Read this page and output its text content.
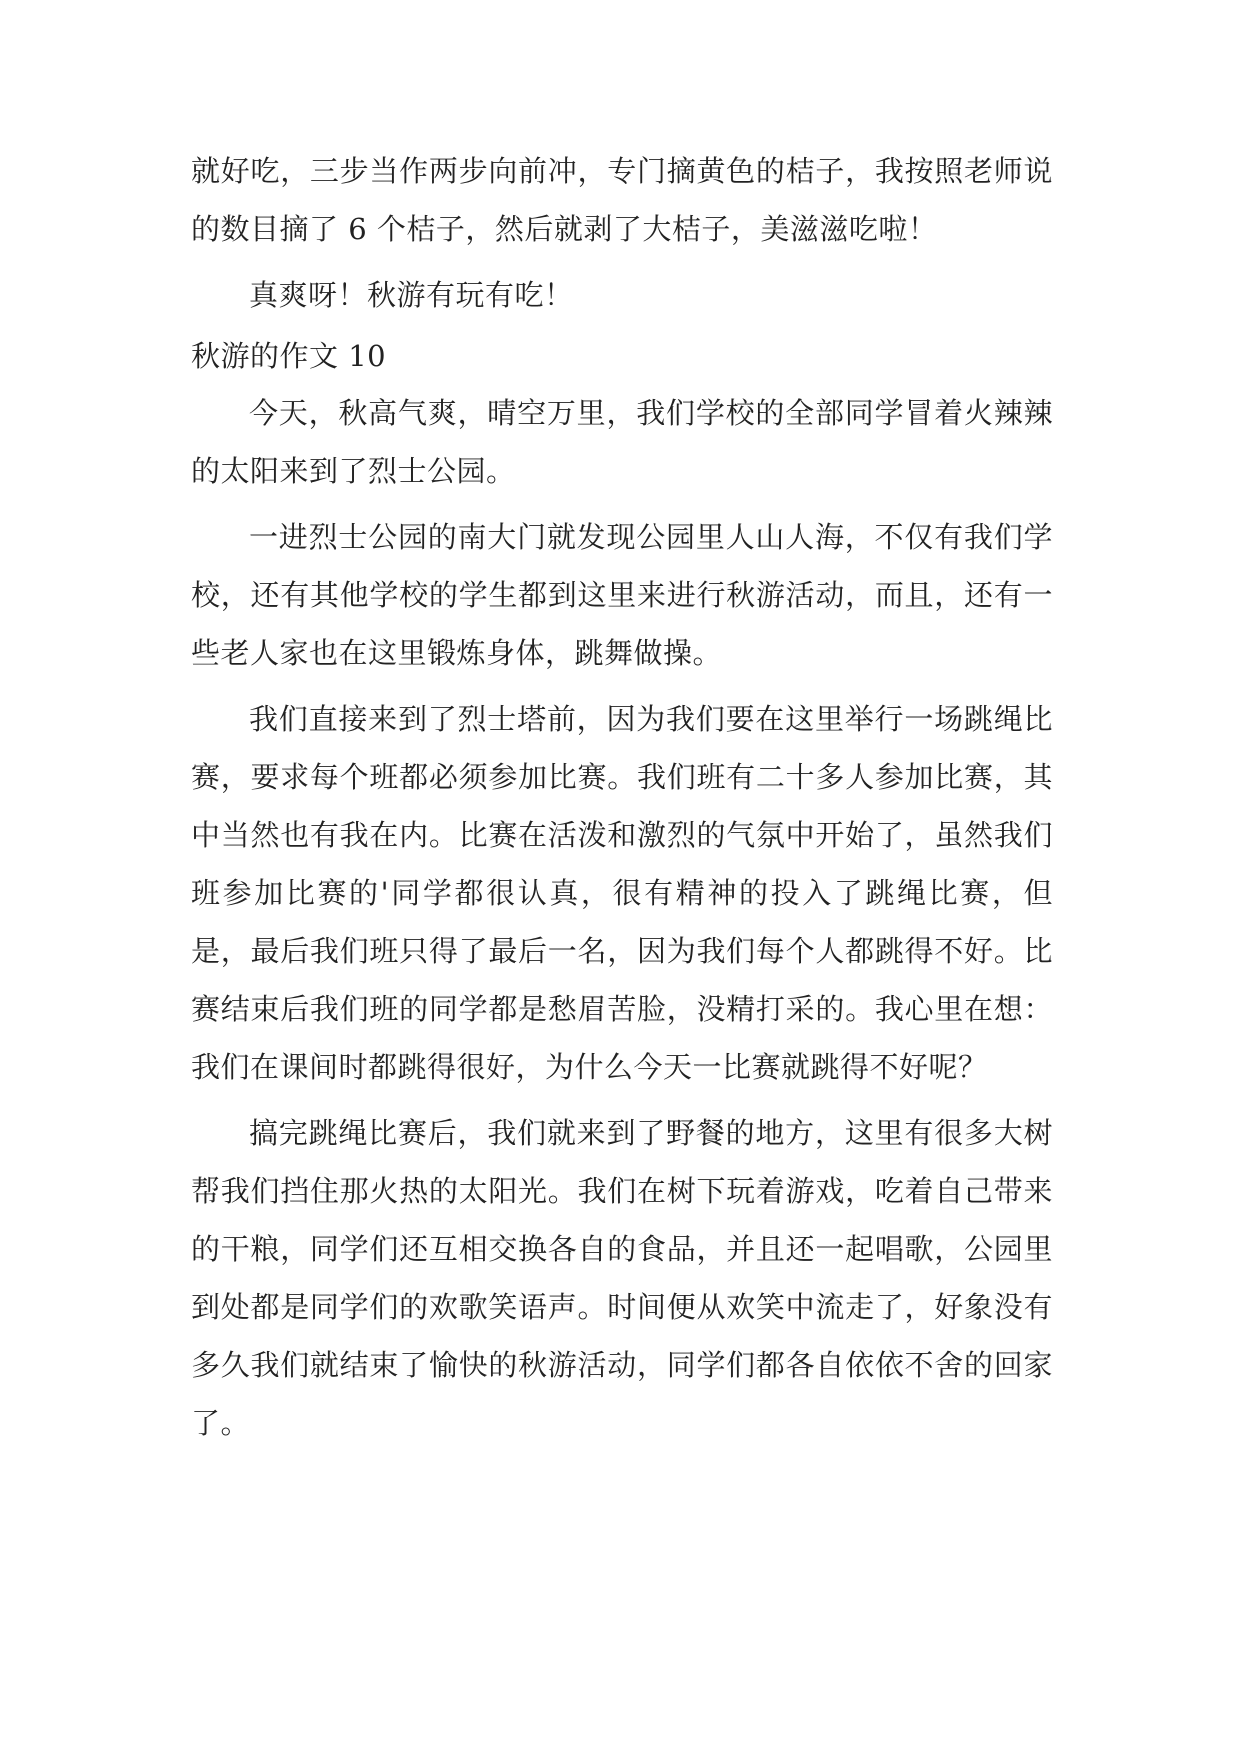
就好吃，三步当作两步向前冲，专门摘黄色的桔子，我按照老师说的数目摘了 6 个桔子，然后就剥了大桔子，美滋滋吃啦！

真爽呀！秋游有玩有吃！

秋游的作文 10

今天，秋高气爽，晴空万里，我们学校的全部同学冒着火辣辣的太阳来到了烈士公园。

一进烈士公园的南大门就发现公园里人山人海，不仅有我们学校，还有其他学校的学生都到这里来进行秋游活动，而且，还有一些老人家也在这里锻炼身体，跳舞做操。

我们直接来到了烈士塔前，因为我们要在这里举行一场跳绳比赛，要求每个班都必须参加比赛。我们班有二十多人参加比赛，其中当然也有我在内。比赛在活泼和激烈的气氛中开始了，虽然我们班参加比赛的'同学都很认真，很有精神的投入了跳绳比赛，但是，最后我们班只得了最后一名，因为我们每个人都跳得不好。比赛结束后我们班的同学都是愁眉苦脸，没精打采的。我心里在想：我们在课间时都跳得很好，为什么今天一比赛就跳得不好呢？

搞完跳绳比赛后，我们就来到了野餐的地方，这里有很多大树帮我们挡住那火热的太阳光。我们在树下玩着游戏，吃着自己带来的干粮，同学们还互相交换各自的食品，并且还一起唱歌，公园里到处都是同学们的欢歌笑语声。时间便从欢笑中流走了，好象没有多久我们就结束了愉快的秋游活动，同学们都各自依依不舍的回家了。
